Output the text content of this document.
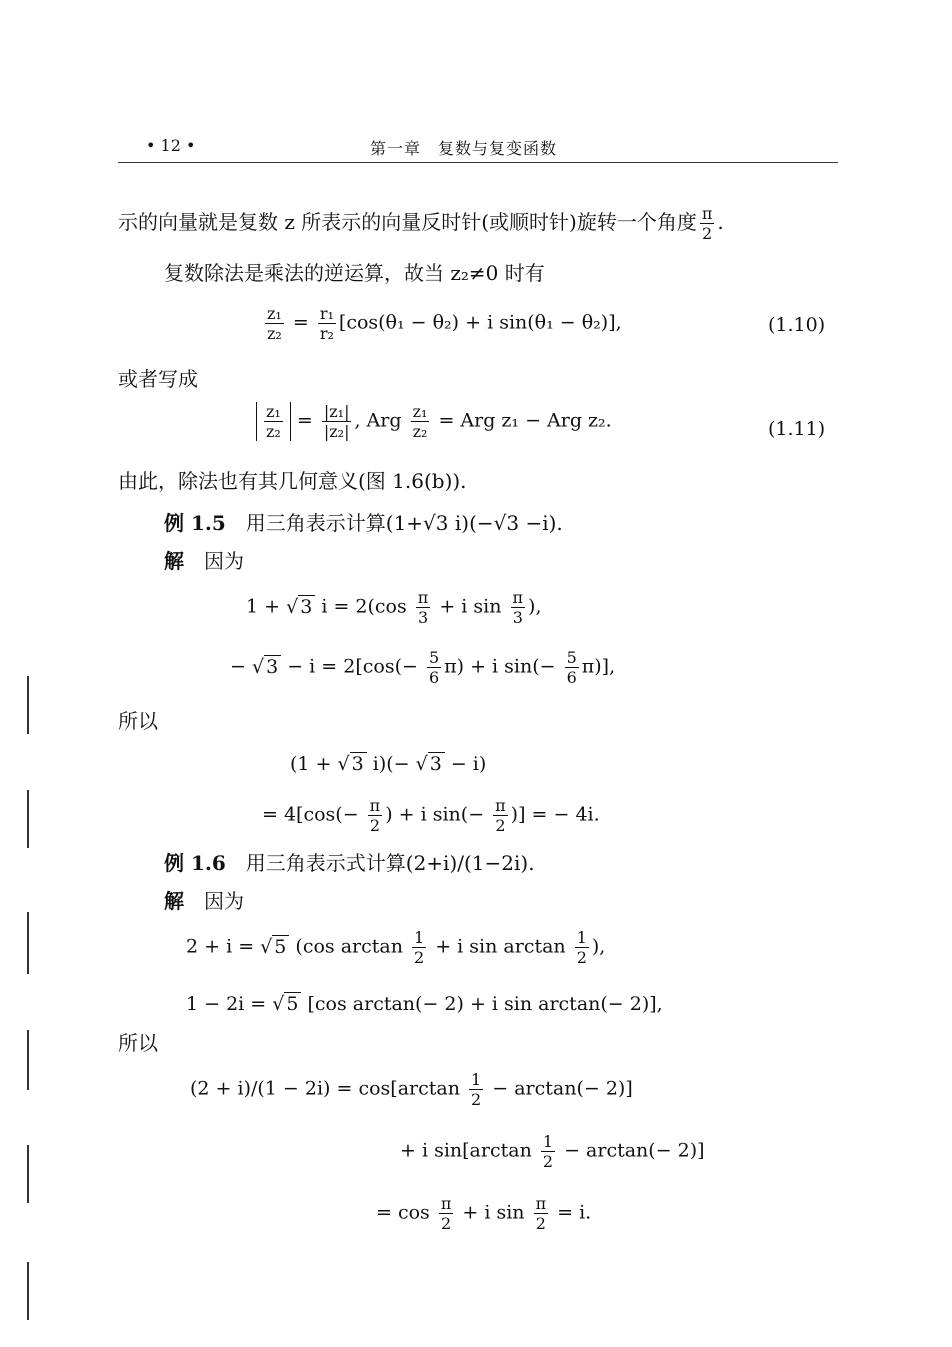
• 12 •	第一章　复数与复变函数
示的向量就是复数 z 所表示的向量反时针(或顺时针)旋转一个角度 $\frac{\pi}{2}$ .
复数除法是乘法的逆运算，故当 z₂≠0 时有
$\frac{\text{z₁}}{\text{z₂}} = \frac{\text{r₁}}{\text{r₂}} [\cos(\theta_1 - \theta_2) + i$ sin(θ₁ − θ₂)],	(1.10)
或者写成
$\frac{\text{z₁}}{\text{z₂}} = \frac{\text{|z₁|}}{\text{|z₂|}}$ , Arg $\frac{\text{z₁}}{\text{z₂}}$ = Arg z₁ − Arg z₂.	(1.11)
由此，除法也有其几何意义(图 1.6(b)).
例 1.5　用三角表示计算(1+√3 i)(−√3 −i).
解　因为
1 + √ 3 $i = 2(\cos \frac{\pi}{3} + i$ $\sin \frac{\pi}{3}$ ),
− √ $3 - i = 2[\cos(- \frac{5}{6} \pi) + i$ $\sin(- \frac{5}{6} \pi)$],
所以
(1 + √ 3 i)(− √ 3 − i)
= $4[\cos(- \frac{\pi}{2}$ ) + i $\sin(- \frac{\pi}{2}$ )] = − 4i.
例 1.6　用三角表示式计算(2+i)/(1−2i).
解　因为
2 + i = √ 5 (cos $\arctan \frac{1}{2} + i$ $\sin \arctan \frac{1}{2}$ ),
1 − 2i = √ 5 [cos arctan(− 2) + i sin arctan(− 2)],
所以
$(2 + i)/(1 - 2i) = \cos[\arctan \frac{1}{2} - \arctan(- 2)]$
+ i $\sin[\arctan \frac{1}{2} - \arctan(- 2)]$
= $\cos \frac{\pi}{2} + i$ $\sin \frac{\pi}{2} = i$.
